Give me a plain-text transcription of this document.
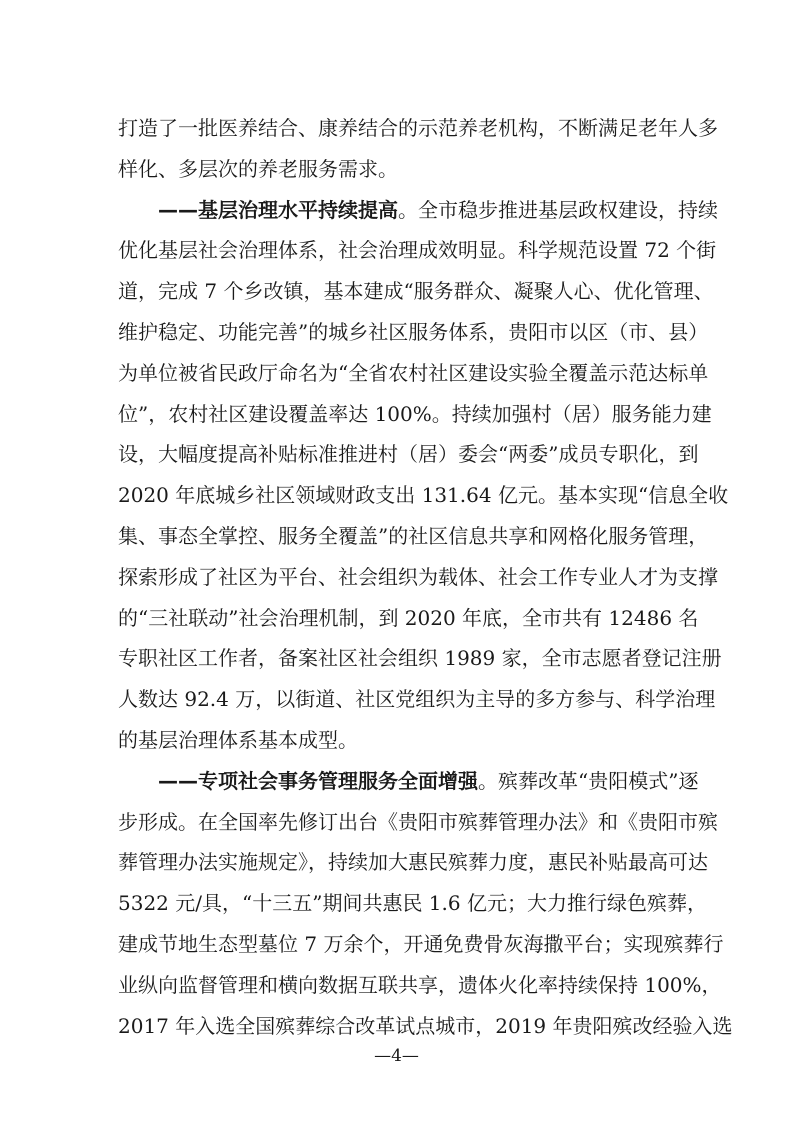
打造了一批医养结合、康养结合的示范养老机构，不断满足老年人多
样化、多层次的养老服务需求。
——基层治理水平持续提高。全市稳步推进基层政权建设，持续
优化基层社会治理体系，社会治理成效明显。科学规范设置 72 个街
道，完成 7 个乡改镇，基本建成“服务群众、凝聚人心、优化管理、
维护稳定、功能完善”的城乡社区服务体系，贵阳市以区（市、县）
为单位被省民政厅命名为“全省农村社区建设实验全覆盖示范达标单
位”，农村社区建设覆盖率达 100%。持续加强村（居）服务能力建
设，大幅度提高补贴标准推进村（居）委会“两委”成员专职化，到
2020 年底城乡社区领域财政支出 131.64 亿元。基本实现“信息全收
集、事态全掌控、服务全覆盖”的社区信息共享和网格化服务管理，
探索形成了社区为平台、社会组织为载体、社会工作专业人才为支撑
的“三社联动”社会治理机制，到 2020 年底，全市共有 12486 名
专职社区工作者，备案社区社会组织 1989 家，全市志愿者登记注册
人数达 92.4 万，以街道、社区党组织为主导的多方参与、科学治理
的基层治理体系基本成型。
——专项社会事务管理服务全面增强。殡葬改革“贵阳模式”逐
步形成。在全国率先修订出台《贵阳市殡葬管理办法》和《贵阳市殡
葬管理办法实施规定》，持续加大惠民殡葬力度，惠民补贴最高可达
5322 元/具，“十三五”期间共惠民 1.6 亿元；大力推行绿色殡葬，
建成节地生态型墓位 7 万余个，开通免费骨灰海撒平台；实现殡葬行
业纵向监督管理和横向数据互联共享，遗体火化率持续保持 100%，
2017 年入选全国殡葬综合改革试点城市，2019 年贵阳殡改经验入选
—4—
